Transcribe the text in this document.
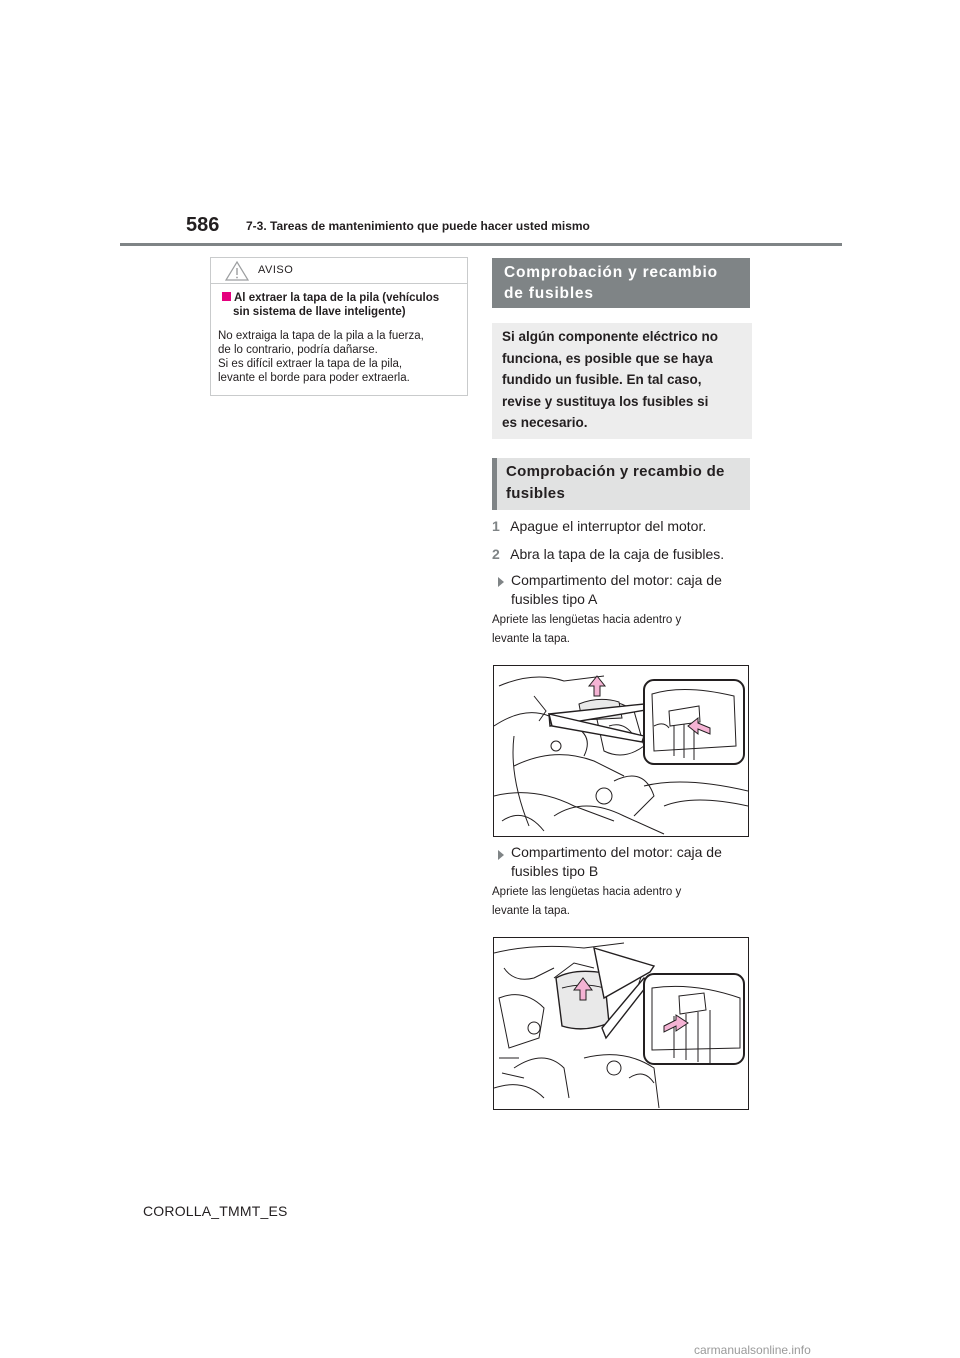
586 7-3. Tareas de mantenimiento que puede hacer usted mismo
AVISO
Al extraer la tapa de la pila (vehículos
sin sistema de llave inteligente)
No extraiga la tapa de la pila a la fuerza,
de lo contrario, podría dañarse.
Si es difícil extraer la tapa de la pila,
levante el borde para poder extraerla.
Comprobación y recambio
de fusibles
Si algún componente eléctrico no
funciona, es posible que se haya
fundido un fusible. En tal caso,
revise y sustituya los fusibles si
es necesario.
Comprobación y recambio de
fusibles
1 Apague el interruptor del motor.
2 Abra la tapa de la caja de fusibles.
Compartimento del motor: caja de
fusibles tipo A
Apriete las lengüetas hacia adentro y
levante la tapa.
Compartimento del motor: caja de
fusibles tipo B
Apriete las lengüetas hacia adentro y
levante la tapa.
COROLLA_TMMT_ES
carmanualsonline.info
